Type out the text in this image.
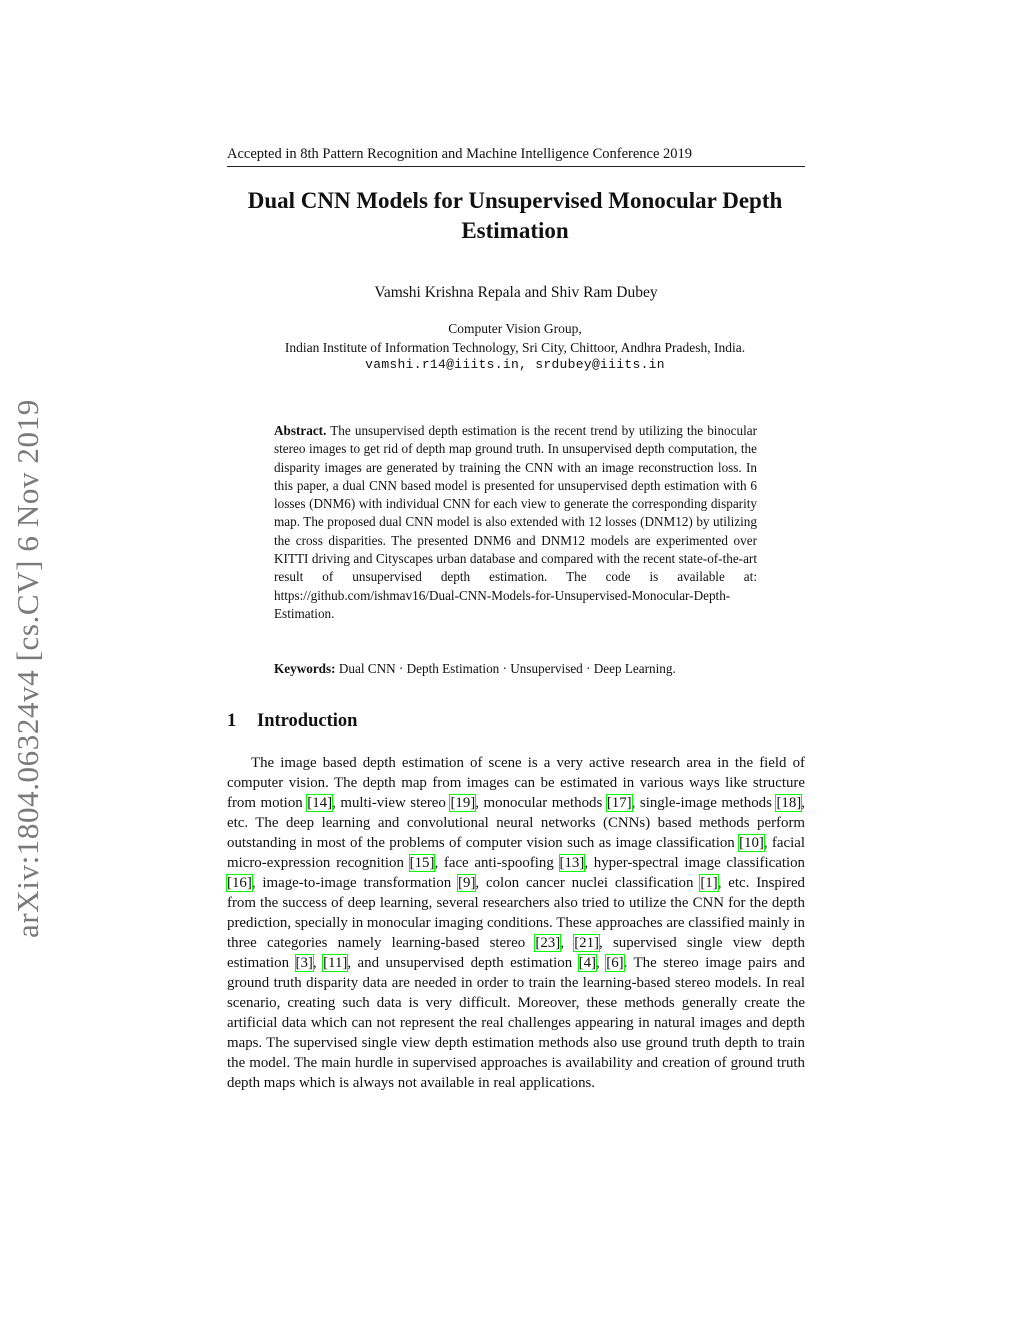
arXiv:1804.06324v4 [cs.CV] 6 Nov 2019
Accepted in 8th Pattern Recognition and Machine Intelligence Conference 2019
Dual CNN Models for Unsupervised Monocular Depth Estimation
Vamshi Krishna Repala and Shiv Ram Dubey
Computer Vision Group,
Indian Institute of Information Technology, Sri City, Chittoor, Andhra Pradesh, India.
vamshi.r14@iiits.in, srdubey@iiits.in
Abstract. The unsupervised depth estimation is the recent trend by utilizing the binocular stereo images to get rid of depth map ground truth. In unsupervised depth computation, the disparity images are generated by training the CNN with an image reconstruction loss. In this paper, a dual CNN based model is presented for unsupervised depth estimation with 6 losses (DNM6) with individual CNN for each view to generate the corresponding disparity map. The proposed dual CNN model is also extended with 12 losses (DNM12) by utilizing the cross disparities. The presented DNM6 and DNM12 models are experimented over KITTI driving and Cityscapes urban database and compared with the recent state-of-the-art result of unsupervised depth estimation. The code is available at: https://github.com/ishmav16/Dual-CNN-Models-for-Unsupervised-Monocular-Depth-Estimation.
Keywords: Dual CNN · Depth Estimation · Unsupervised · Deep Learning.
1 Introduction
The image based depth estimation of scene is a very active research area in the field of computer vision. The depth map from images can be estimated in various ways like structure from motion [14], multi-view stereo [19], monocular methods [17], single-image methods [18], etc. The deep learning and convolutional neural networks (CNNs) based methods perform outstanding in most of the problems of computer vision such as image classification [10], facial micro-expression recognition [15], face anti-spoofing [13], hyper-spectral image classification [16], image-to-image transformation [9], colon cancer nuclei classification [1], etc. Inspired from the success of deep learning, several researchers also tried to utilize the CNN for the depth prediction, specially in monocular imaging conditions. These approaches are classified mainly in three categories namely learning-based stereo [23], [21], supervised single view depth estimation [3], [11], and unsupervised depth estimation [4], [6]. The stereo image pairs and ground truth disparity data are needed in order to train the learning-based stereo models. In real scenario, creating such data is very difficult. Moreover, these methods generally create the artificial data which can not represent the real challenges appearing in natural images and depth maps. The supervised single view depth estimation methods also use ground truth depth to train the model. The main hurdle in supervised approaches is availability and creation of ground truth depth maps which is always not available in real applications.
